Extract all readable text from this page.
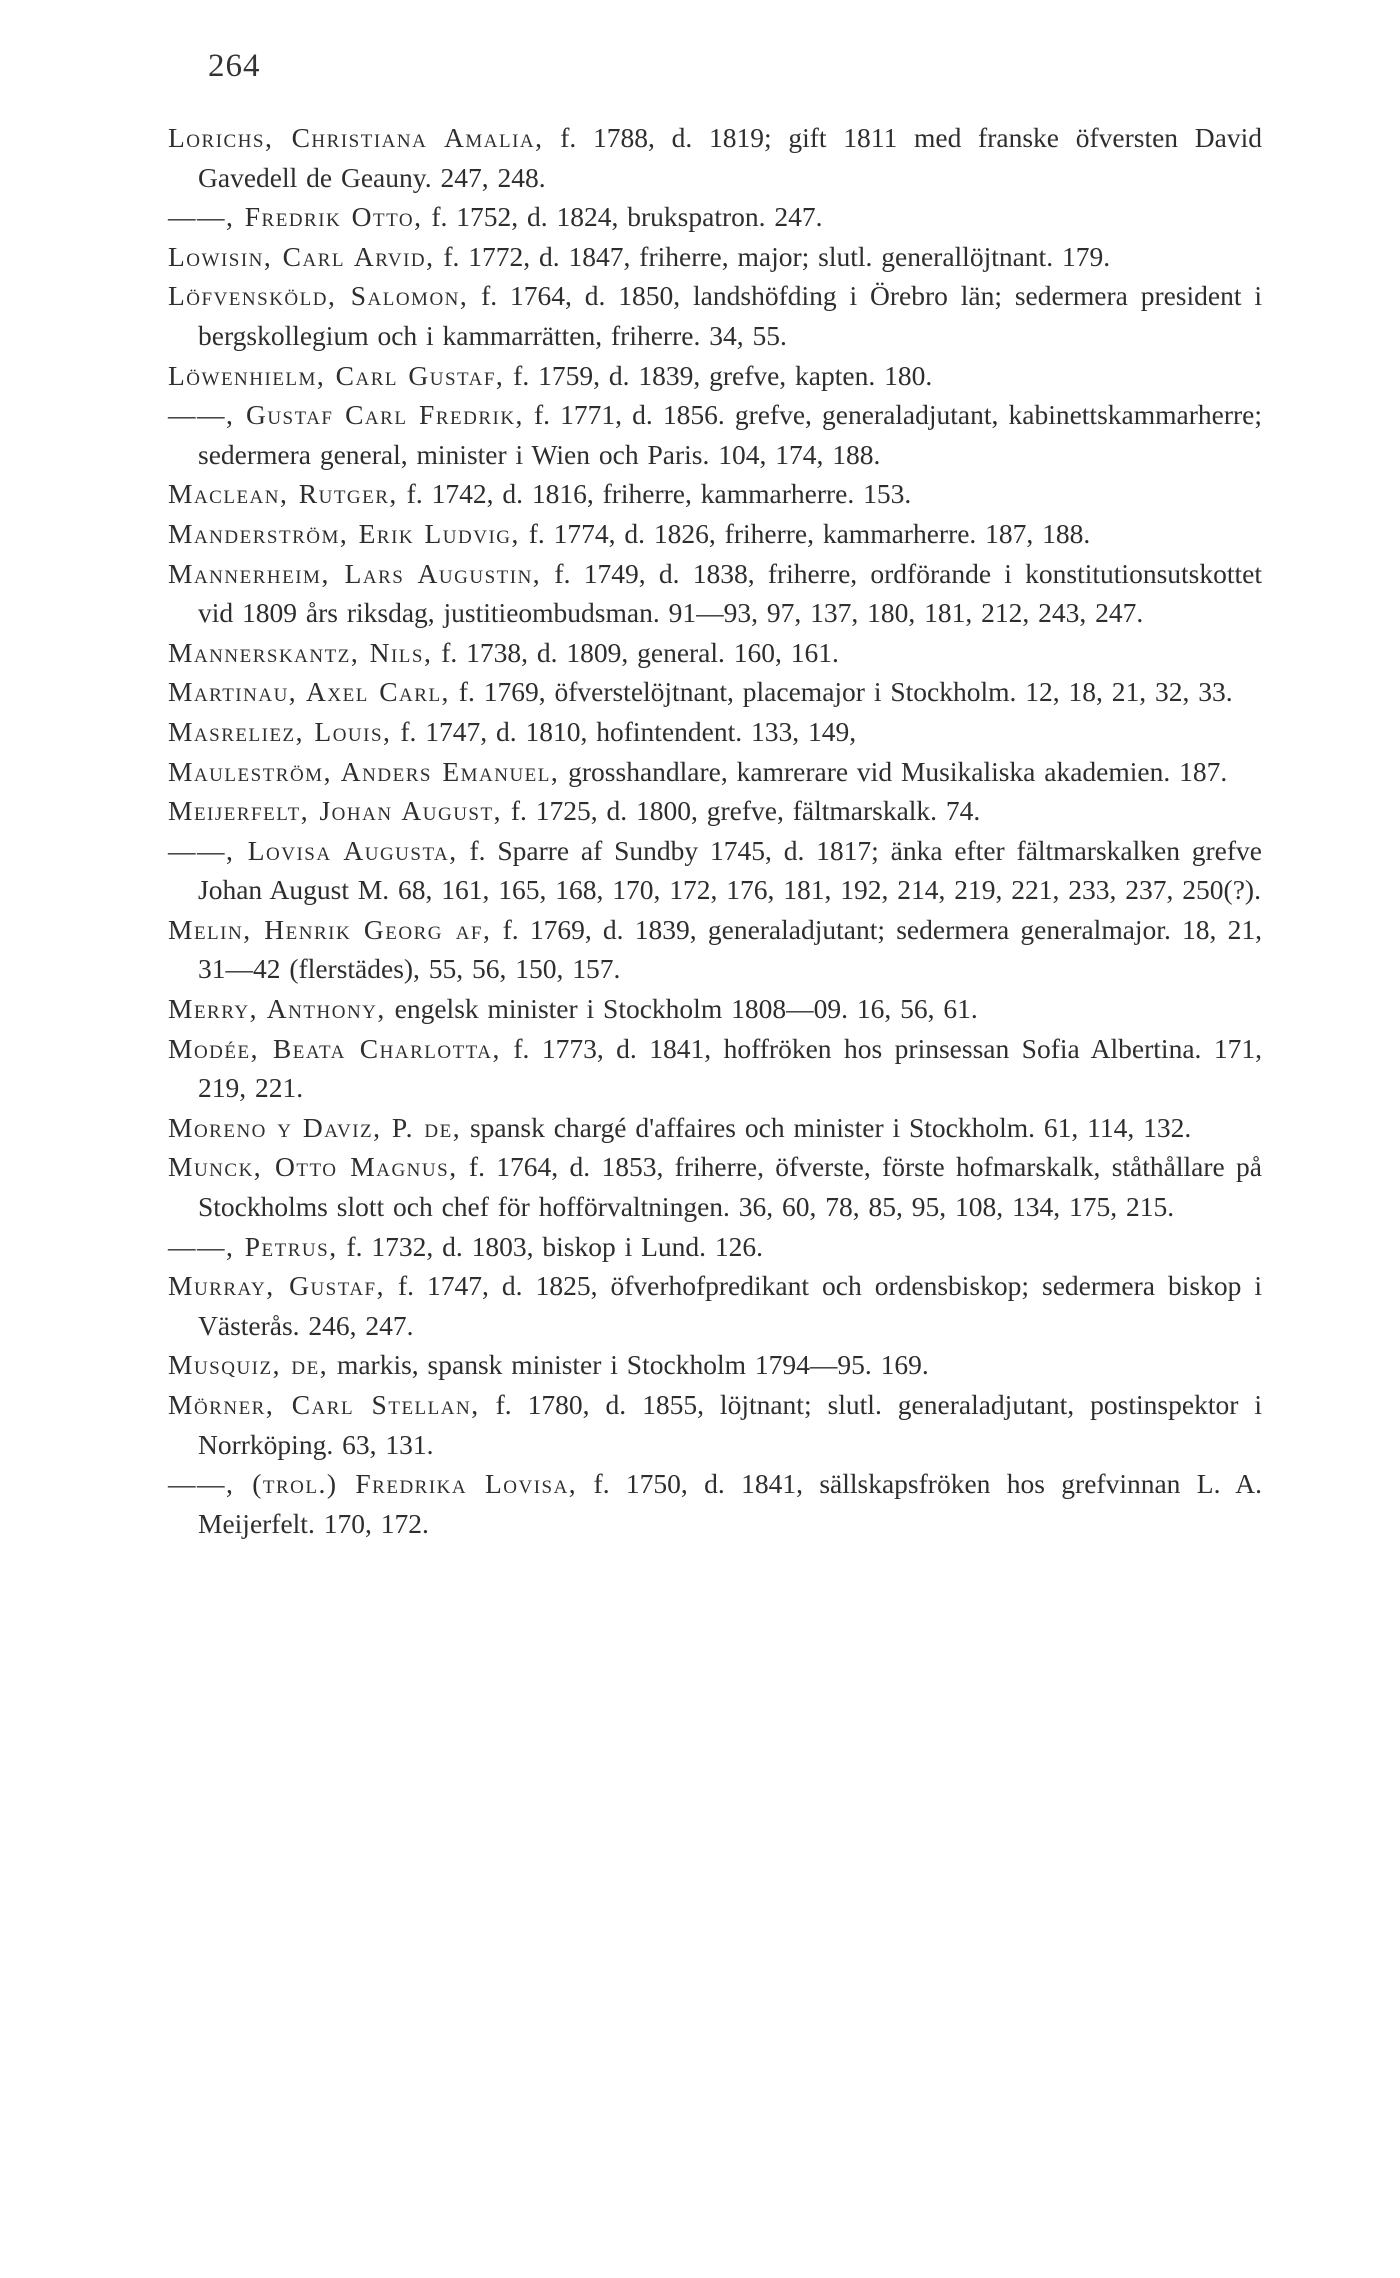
264
Lorichs, Christiana Amalia, f. 1788, d. 1819; gift 1811 med franske öfversten David Gavedell de Geauny. 247, 248.
——, Fredrik Otto, f. 1752, d. 1824, brukspatron. 247.
Lowisin, Carl Arvid, f. 1772, d. 1847, friherre, major; slutl. generallöjtnant. 179.
Löfvensköld, Salomon, f. 1764, d. 1850, landshöfding i Örebro län; sedermera president i bergskollegium och i kammarrätten, friherre. 34, 55.
Löwenhielm, Carl Gustaf, f. 1759, d. 1839, grefve, kapten. 180.
——, Gustaf Carl Fredrik, f. 1771, d. 1856. grefve, generaladjutant, kabinettskammarherre; sedermera general, minister i Wien och Paris. 104, 174, 188.
Maclean, Rutger, f. 1742, d. 1816, friherre, kammarherre. 153.
Manderström, Erik Ludvig, f. 1774, d. 1826, friherre, kammarherre. 187, 188.
Mannerheim, Lars Augustin, f. 1749, d. 1838, friherre, ordförande i konstitutionsutskottet vid 1809 års riksdag, justitieombudsman. 91—93, 97, 137, 180, 181, 212, 243, 247.
Mannerskantz, Nils, f. 1738, d. 1809, general. 160, 161.
Martinau, Axel Carl, f. 1769, öfverstelöjtnant, placemajor i Stockholm. 12, 18, 21, 32, 33.
Masreliez, Louis, f. 1747, d. 1810, hofintendent. 133, 149,
Mauleström, Anders Emanuel, grosshandlare, kamrerare vid Musikaliska akademien. 187.
Meijerfelt, Johan August, f. 1725, d. 1800, grefve, fältmarskalk. 74.
——, Lovisa Augusta, f. Sparre af Sundby 1745, d. 1817; änka efter fältmarskalken grefve Johan August M. 68, 161, 165, 168, 170, 172, 176, 181, 192, 214, 219, 221, 233, 237, 250(?).
Melin, Henrik Georg af, f. 1769, d. 1839, generaladjutant; sedermera generalmajor. 18, 21, 31—42 (flerstädes), 55, 56, 150, 157.
Merry, Anthony, engelsk minister i Stockholm 1808—09. 16, 56, 61.
Modée, Beata Charlotta, f. 1773, d. 1841, hoffröken hos prinsessan Sofia Albertina. 171, 219, 221.
Moreno y Daviz, P. de, spansk chargé d'affaires och minister i Stockholm. 61, 114, 132.
Munck, Otto Magnus, f. 1764, d. 1853, friherre, öfverste, förste hofmarskalk, ståthållare på Stockholms slott och chef för hofförvaltningen. 36, 60, 78, 85, 95, 108, 134, 175, 215.
——, Petrus, f. 1732, d. 1803, biskop i Lund. 126.
Murray, Gustaf, f. 1747, d. 1825, öfverhofpredikant och ordensbiskop; sedermera biskop i Västerås. 246, 247.
Musquiz, de, markis, spansk minister i Stockholm 1794—95. 169.
Mörner, Carl Stellan, f. 1780, d. 1855, löjtnant; slutl. generaladjutant, postinspektor i Norrköping. 63, 131.
——, (trol.) Fredrika Lovisa, f. 1750, d. 1841, sällskapsfröken hos grefvinnan L. A. Meijerfelt. 170, 172.
